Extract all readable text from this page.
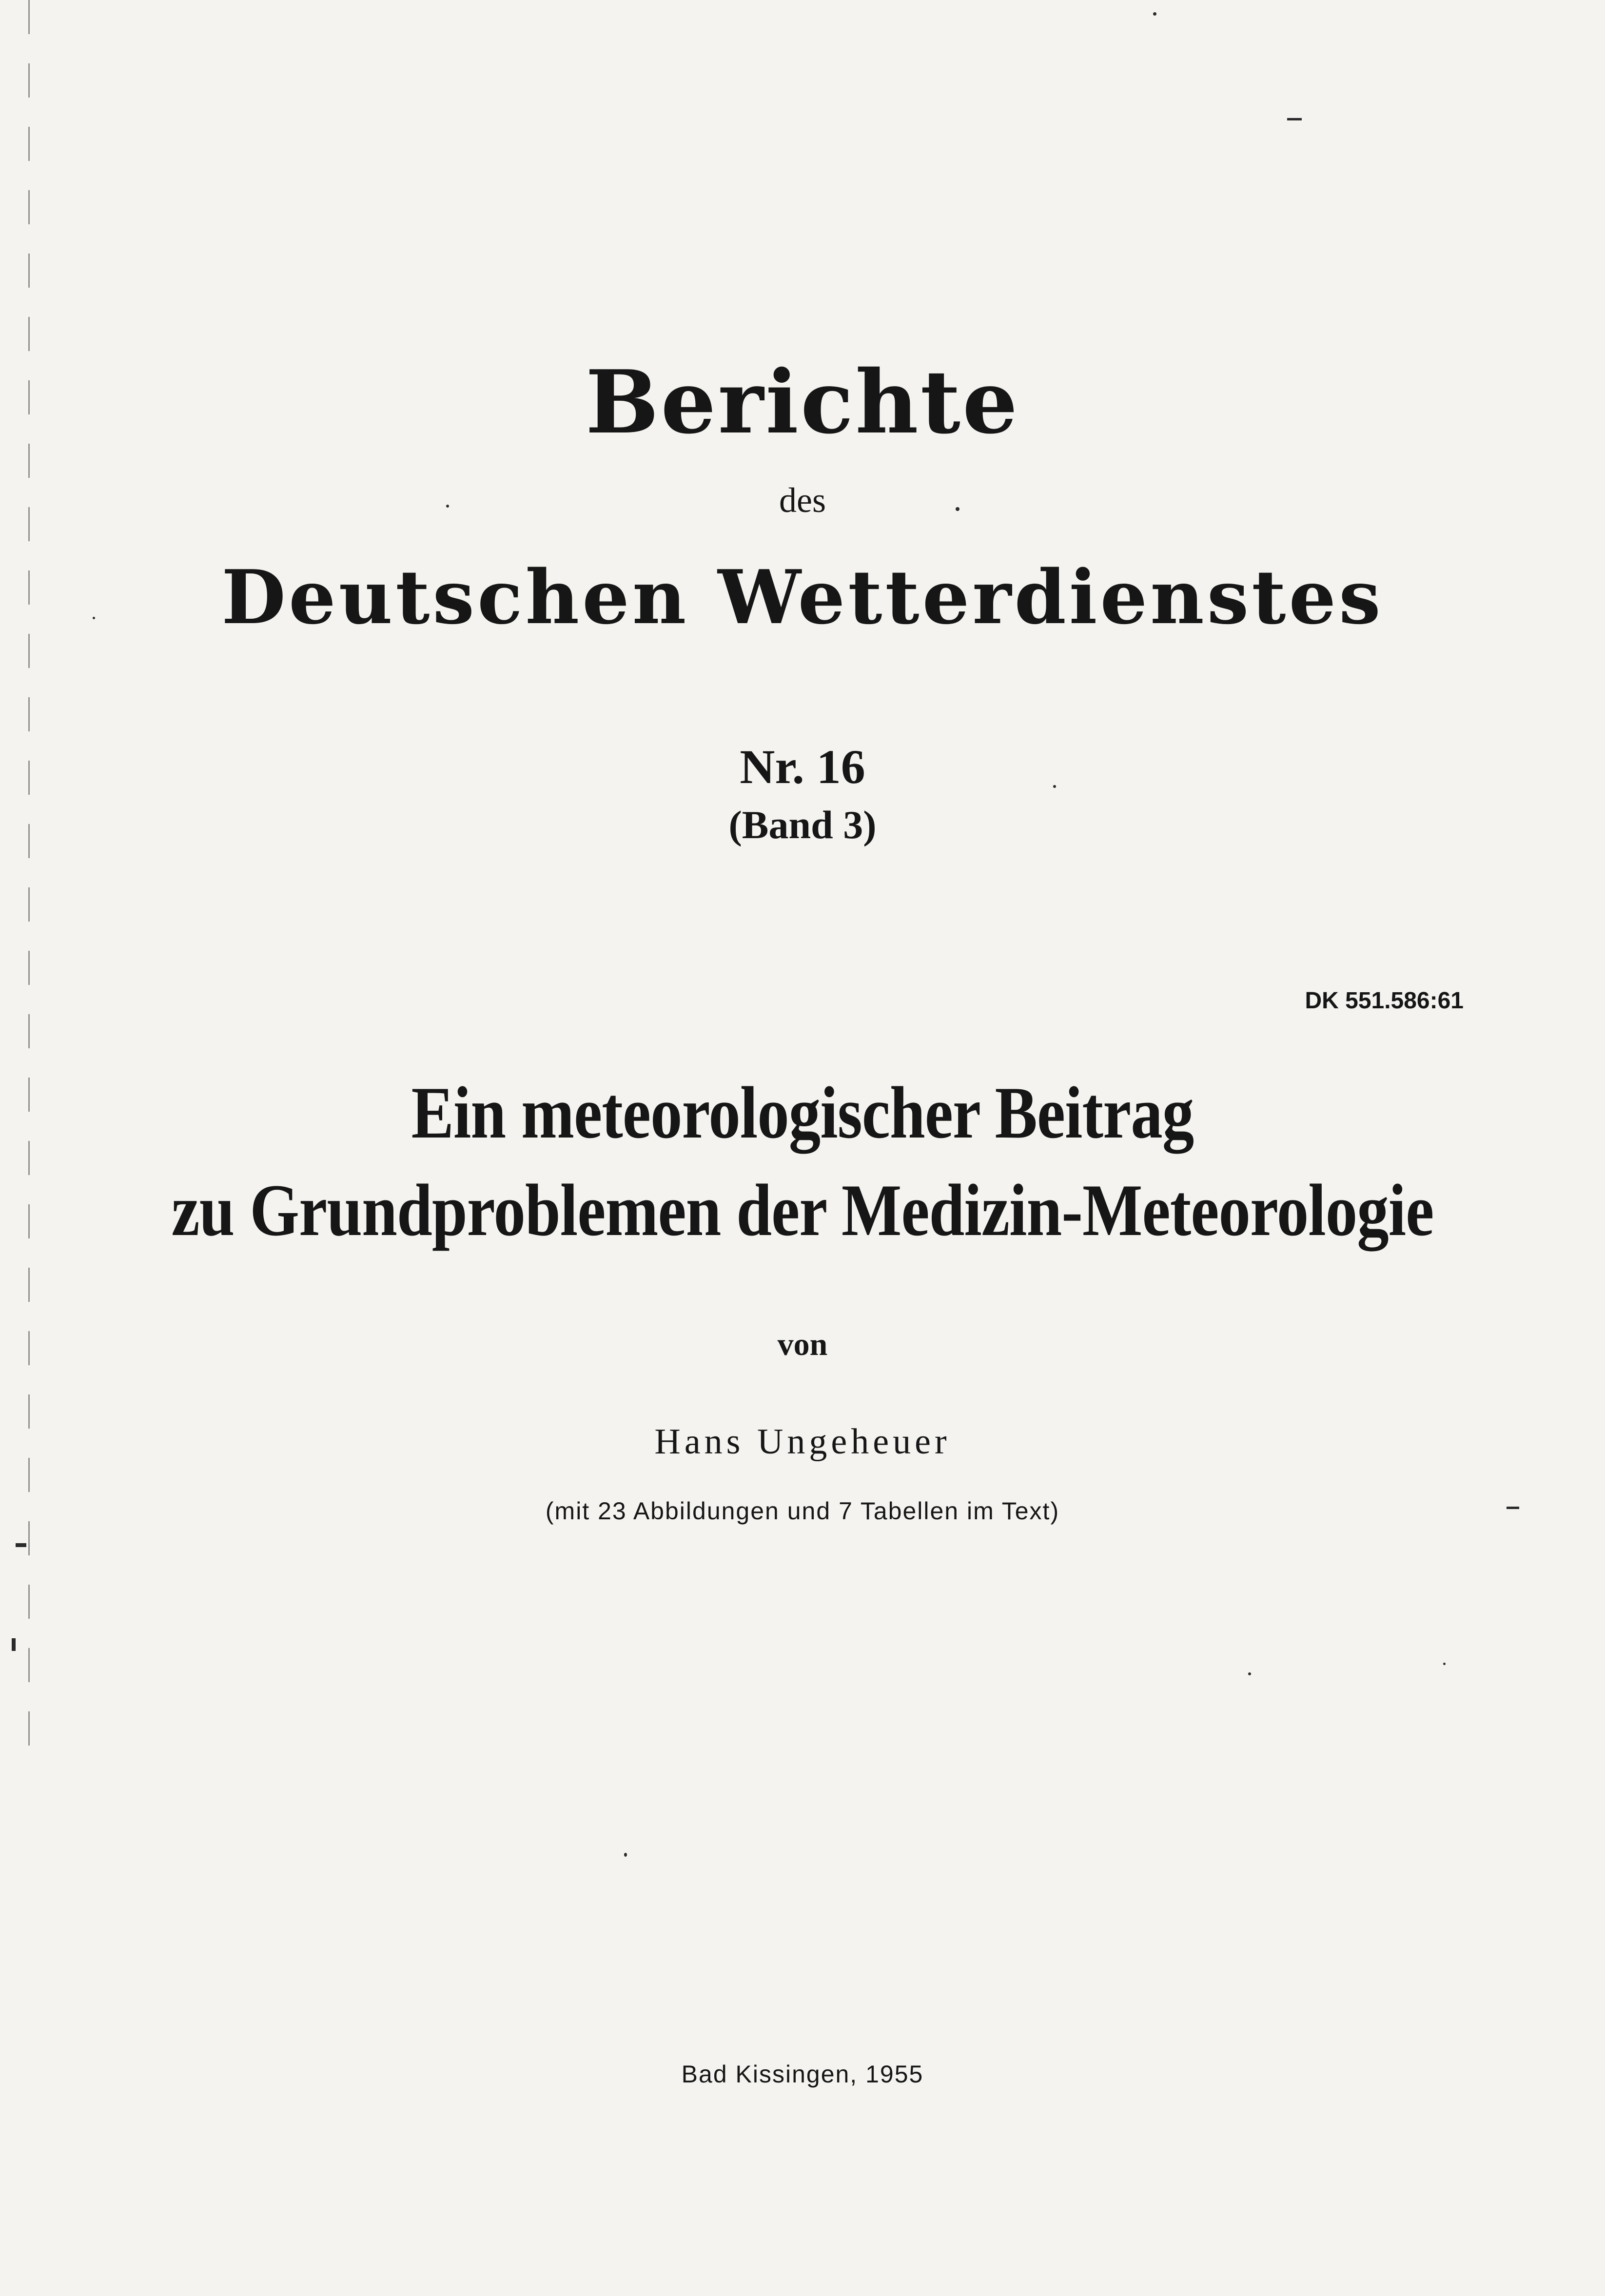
Berichte
des
Deutschen Wetterdienstes
Nr. 16
(Band 3)
DK 551.586:61
Ein meteorologischer Beitrag
zu Grundproblemen der Medizin-Meteorologie
von
Hans Ungeheuer
(mit 23 Abbildungen und 7 Tabellen im Text)
Bad Kissingen, 1955
